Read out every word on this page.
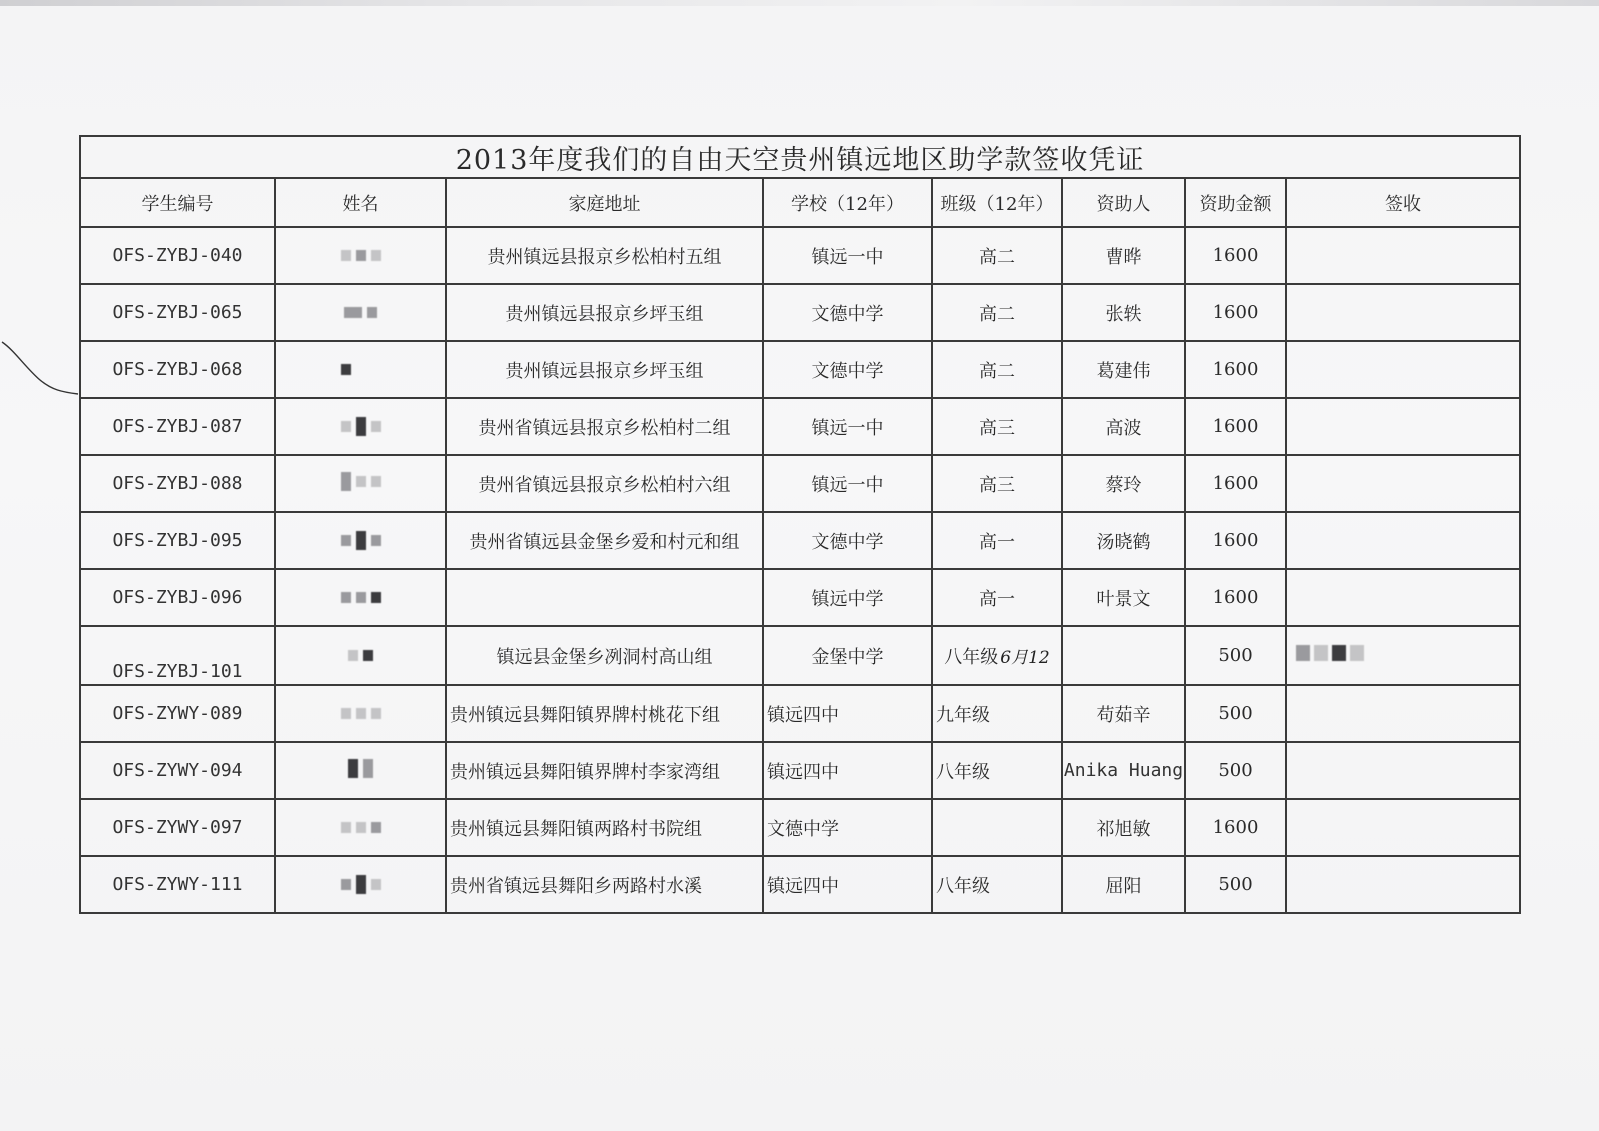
2013年度我们的自由天空贵州镇远地区助学款签收凭证							
学生编号	姓名	家庭地址	学校（12年）	班级（12年）	资助人	资助金额	签收
OFS-ZYBJ-040		贵州镇远县报京乡松柏村五组	镇远一中	高二	曹晔	1600	
OFS-ZYBJ-065		贵州镇远县报京乡坪玉组	文德中学	高二	张轶	1600	
OFS-ZYBJ-068		贵州镇远县报京乡坪玉组	文德中学	高二	葛建伟	1600	
OFS-ZYBJ-087		贵州省镇远县报京乡松柏村二组	镇远一中	高三	高波	1600	
OFS-ZYBJ-088		贵州省镇远县报京乡松柏村六组	镇远一中	高三	蔡玲	1600	
OFS-ZYBJ-095		贵州省镇远县金堡乡爱和村元和组	文德中学	高一	汤晓鹤	1600	
OFS-ZYBJ-096			镇远中学	高一	叶景文	1600	
OFS-ZYBJ-101		镇远县金堡乡冽洞村高山组	金堡中学	八年级 6月12		500	

OFS-ZYWY-089		贵州镇远县舞阳镇界牌村桃花下组	镇远四中	九年级	苟茹辛	500	
OFS-ZYWY-094		贵州镇远县舞阳镇界牌村李家湾组	镇远四中	八年级	Anika Huang	500	
OFS-ZYWY-097		贵州镇远县舞阳镇两路村书院组	文德中学		祁旭敏	1600	
OFS-ZYWY-111		贵州省镇远县舞阳乡两路村水溪	镇远四中	八年级	屈阳	500	
